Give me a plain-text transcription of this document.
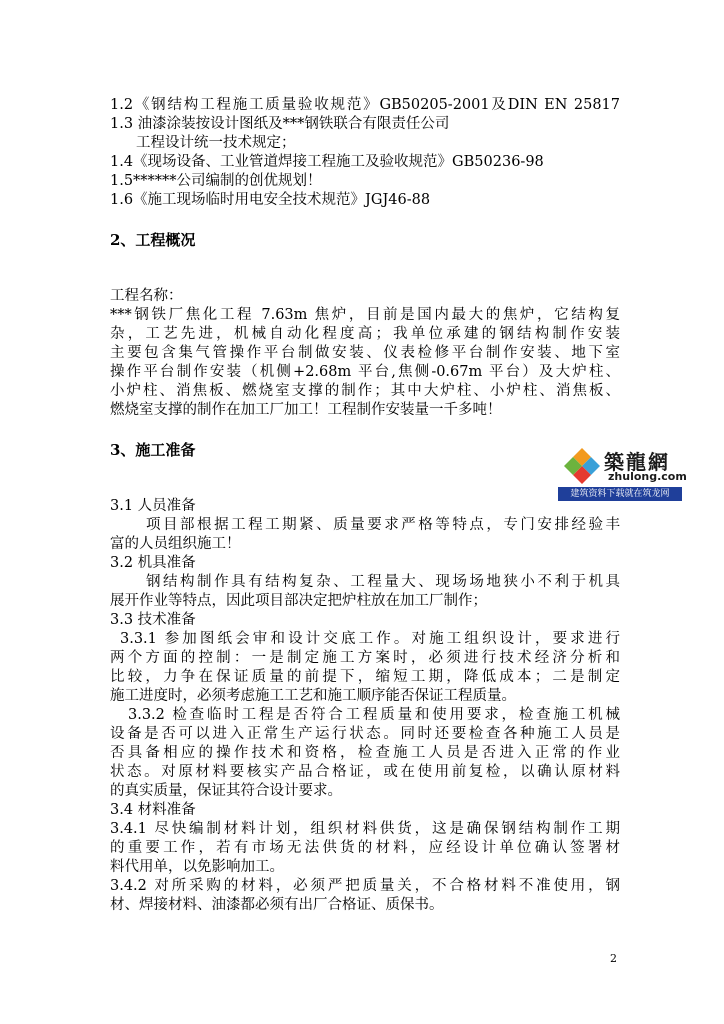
1.2《钢结构工程施工质量验收规范》GB50205-2001及DIN EN 25817
1.3 油漆涂装按设计图纸及***钢铁联合有限责任公司
工程设计统一技术规定；
1.4《现场设备、工业管道焊接工程施工及验收规范》GB50236-98
1.5******公司编制的创优规划！
1.6《施工现场临时用电安全技术规范》JGJ46-88
2、工程概况
工程名称：
***钢铁厂焦化工程 7.63m 焦炉，目前是国内最大的焦炉，它结构复
杂，工艺先进，机械自动化程度高；我单位承建的钢结构制作安装
主要包含集气管操作平台制做安装、仪表检修平台制作安装、地下室
操作平台制作安装（机侧+2.68m 平台,焦侧-0.67m 平台）及大炉柱、
小炉柱、消焦板、燃烧室支撑的制作；其中大炉柱、小炉柱、消焦板、
燃烧室支撑的制作在加工厂加工！工程制作安装量一千多吨！
3、施工准备	築龍網
zhulong.com
建筑资料下载就在筑龙网
3.1 人员准备
项目部根据工程工期紧、质量要求严格等特点，专门安排经验丰
富的人员组织施工！
3.2 机具准备
钢结构制作具有结构复杂、工程量大、现场场地狭小不利于机具
展开作业等特点，因此项目部决定把炉柱放在加工厂制作；
3.3 技术准备
3.3.1 参加图纸会审和设计交底工作。对施工组织设计，要求进行
两个方面的控制：一是制定施工方案时，必须进行技术经济分析和
比较，力争在保证质量的前提下，缩短工期，降低成本；二是制定
施工进度时，必须考虑施工工艺和施工顺序能否保证工程质量。
3.3.2 检查临时工程是否符合工程质量和使用要求，检查施工机械
设备是否可以进入正常生产运行状态。同时还要检查各种施工人员是
否具备相应的操作技术和资格，检查施工人员是否进入正常的作业
状态。对原材料要核实产品合格证，或在使用前复检，以确认原材料
的真实质量，保证其符合设计要求。
3.4 材料准备
3.4.1 尽快编制材料计划，组织材料供货，这是确保钢结构制作工期
的重要工作，若有市场无法供货的材料，应经设计单位确认签署材
料代用单，以免影响加工。
3.4.2 对所采购的材料，必须严把质量关，不合格材料不准使用，钢
材、焊接材料、油漆都必须有出厂合格证、质保书。
2
